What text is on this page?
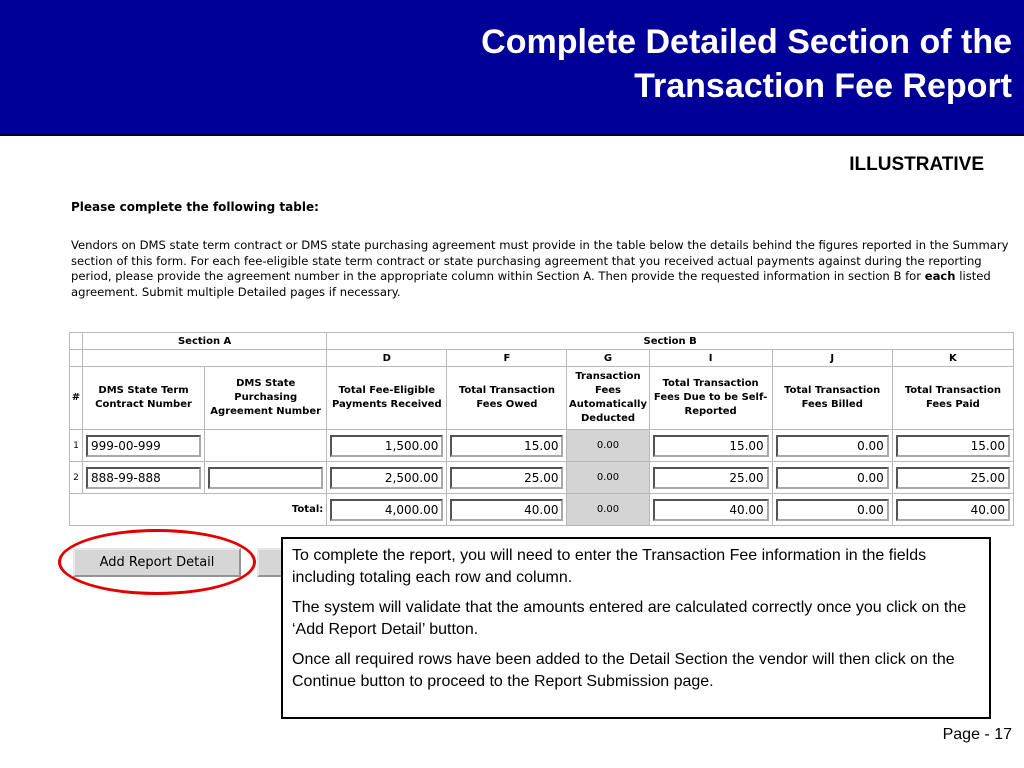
Complete Detailed Section of the
Transaction Fee Report
ILLUSTRATIVE
Please complete the following table:
Vendors on DMS state term contract or DMS state purchasing agreement must provide in the table below the details behind the figures reported in the Summary section of this form. For each fee-eligible state term contract or state purchasing agreement that you received actual payments against during the reporting period, please provide the agreement number in the appropriate column within Section A. Then provide the requested information in section B for each listed agreement. Submit multiple Detailed pages if necessary.
	Section A		Section B					
			D	F	G	I	J	K
#	DMS State Term Contract Number	DMS State Purchasing Agreement Number	Total Fee-Eligible Payments Received	Total Transaction Fees Owed	Transaction Fees Automatically Deducted	Total Transaction Fees Due to be Self-Reported	Total Transaction Fees Billed	Total Transaction Fees Paid
1	999-00-999		1,500.00	15.00	0.00	15.00	0.00	15.00

2	888-99-888		2,500.00	25.00	0.00	25.00	0.00	25.00

Total:			4,000.00	40.00	0.00	40.00	0.00	40.00
Add Report Detail	To complete the report, you will need to enter the Transaction Fee information in the fields including totaling each row and column.

The system will validate that the amounts entered are calculated correctly once you click on the ‘Add Report Detail’ button.

Once all required rows have been added to the Detail Section the vendor will then click on the Continue button to proceed to the Report Submission page.

Page - 17
